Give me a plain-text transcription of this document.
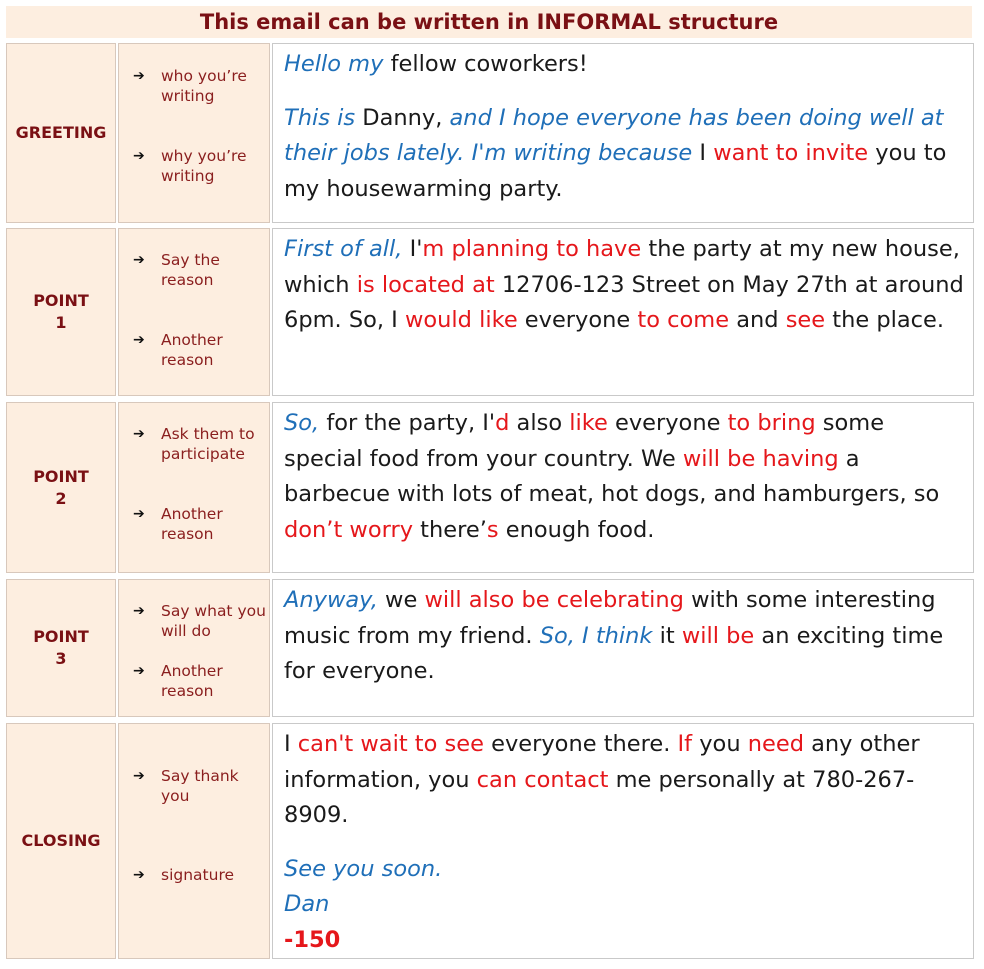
This email can be written in INFORMAL structure
GREETING
➔	who you’re writing
➔	why you’re writing

Hello my fellow coworkers!

This is Danny, and I hope everyone has been doing well at their jobs lately. I'm writing because I want to invite you to my housewarming party.

POINT
1
➔	Say the reason
➔	Another reason

First of all, I'm planning to have the party at my new house, which is located at 12706-123 Street on May 27th at around 6pm. So, I would like everyone to come and see the place.

POINT
2
➔	Ask them to participate
➔	Another reason

So, for the party, I'd also like everyone to bring some special food from your country. We will be having a barbecue with lots of meat, hot dogs, and hamburgers, so don’t worry there’s enough food.

POINT
3
➔	Say what you will do
➔	Another reason

Anyway, we will also be celebrating with some interesting music from my friend. So, I think it will be an exciting time for everyone.

CLOSING
➔	Say thank you
➔	signature

I can't wait to see everyone there. If you need any other information, you can contact me personally at 780-267-8909.

See you soon.
Dan
-150
